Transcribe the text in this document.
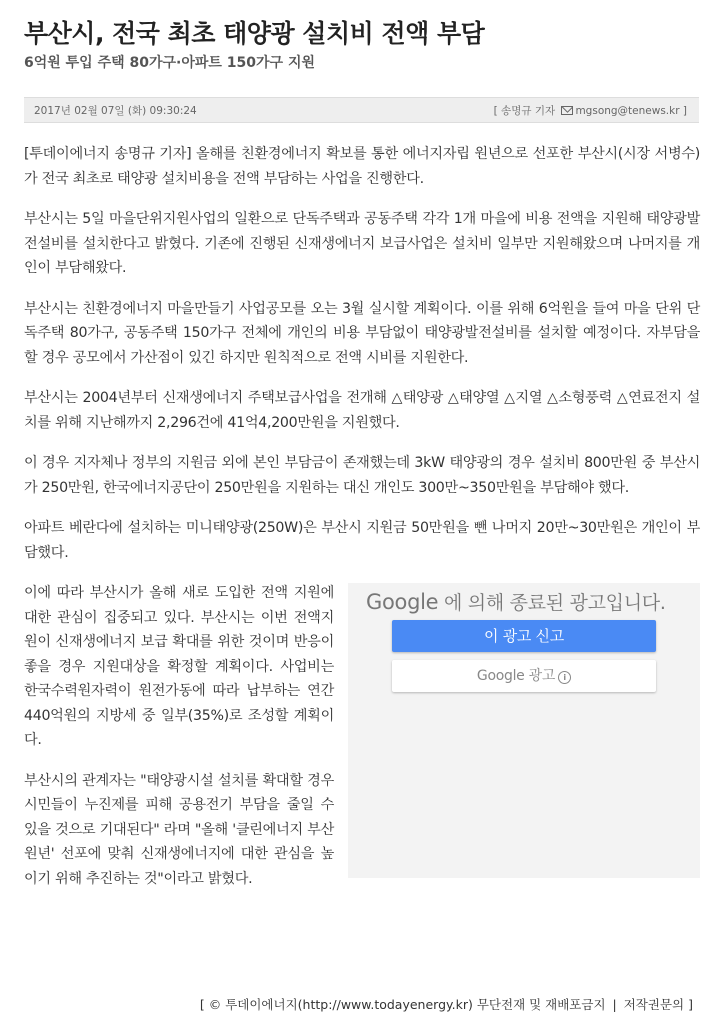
부산시, 전국 최초 태양광 설치비 전액 부담
6억원 투입 주택 80가구·아파트 150가구 지원
2017년 02월 07일 (화) 09:30:24	[ 송명규 기자 mgsong@tenews.kr ]

[투데이에너지 송명규 기자] 올해를 친환경에너지 확보를 통한 에너지자립 원년으로 선포한 부산시(시장 서병수)가 전국 최초로 태양광 설치비용을 전액 부담하는 사업을 진행한다.

부산시는 5일 마을단위지원사업의 일환으로 단독주택과 공동주택 각각 1개 마을에 비용 전액을 지원해 태양광발전설비를 설치한다고 밝혔다. 기존에 진행된 신재생에너지 보급사업은 설치비 일부만 지원해왔으며 나머지를 개인이 부담해왔다.

부산시는 친환경에너지 마을만들기 사업공모를 오는 3월 실시할 계획이다. 이를 위해 6억원을 들여 마을 단위 단독주택 80가구, 공동주택 150가구 전체에 개인의 비용 부담없이 태양광발전설비를 설치할 예정이다. 자부담을 할 경우 공모에서 가산점이 있긴 하지만 원칙적으로 전액 시비를 지원한다.

부산시는 2004년부터 신재생에너지 주택보급사업을 전개해 △태양광 △태양열 △지열 △소형풍력 △연료전지 설치를 위해 지난해까지 2,296건에 41억4,200만원을 지원했다.

이 경우 지자체나 정부의 지원금 외에 본인 부담금이 존재했는데 3kW 태양광의 경우 설치비 800만원 중 부산시가 250만원, 한국에너지공단이 250만원을 지원하는 대신 개인도 300만~350만원을 부담해야 했다.

아파트 베란다에 설치하는 미니태양광(250W)은 부산시 지원금 50만원을 뺀 나머지 20만~30만원은 개인이 부담했다.

Google 에 의해 종료된 광고입니다.
이 광고 신고
Google 광고 i

이에 따라 부산시가 올해 새로 도입한 전액 지원에 대한 관심이 집중되고 있다. 부산시는 이번 전액지원이 신재생에너지 보급 확대를 위한 것이며 반응이 좋을 경우 지원대상을 확정할 계획이다. 사업비는 한국수력원자력이 원전가동에 따라 납부하는 연간 440억원의 지방세 중 일부(35%)로 조성할 계획이다.

부산시의 관계자는 "태양광시설 설치를 확대할 경우 시민들이 누진제를 피해 공용전기 부담을 줄일 수 있을 것으로 기대된다" 라며 "올해 '클린에너지 부산 원년' 선포에 맞춰 신재생에너지에 대한 관심을 높이기 위해 추진하는 것"이라고 밝혔다.

[ © 투데이에너지(http://www.todayenergy.kr) 무단전재 및 재배포금지 | 저작권문의 ]
